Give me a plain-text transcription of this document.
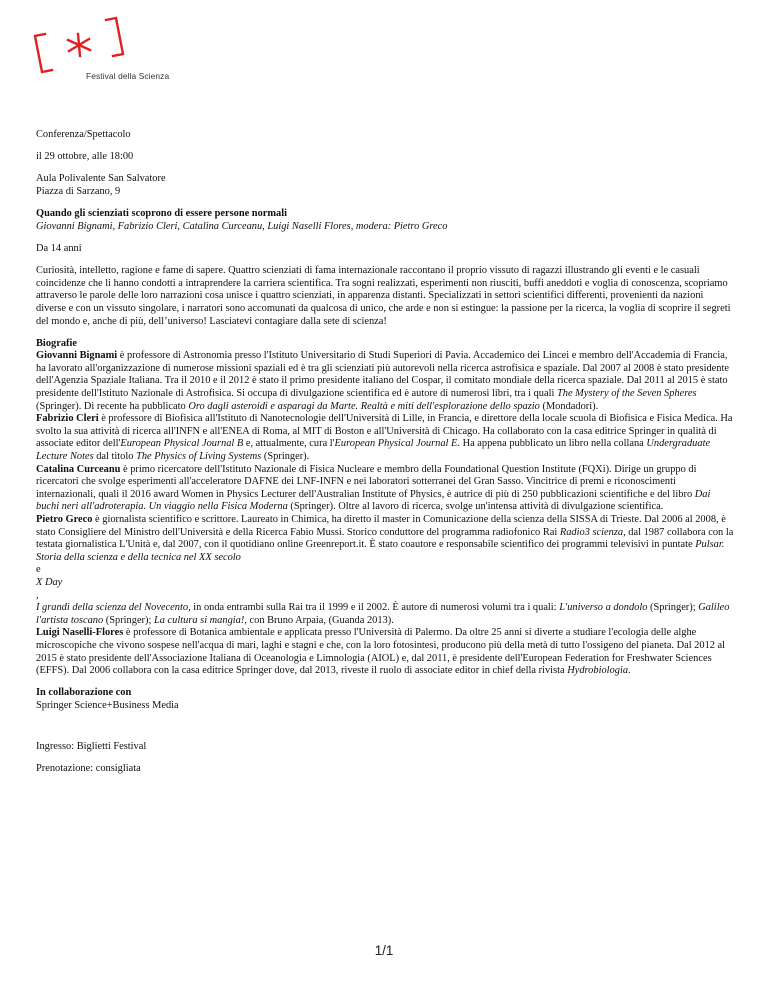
Festival della Scienza

Conferenza/Spettacolo

il 29 ottobre, alle 18:00

Aula Polivalente San Salvatore

Piazza di Sarzano, 9

Quando gli scienziati scoprono di essere persone normali

Giovanni Bignami, Fabrizio Cleri, Catalina Curceanu, Luigi Naselli Flores, modera: Pietro Greco

Da 14 anni

Curiosità, intelletto, ragione e fame di sapere. Quattro scienziati di fama internazionale raccontano il proprio vissuto di ragazzi illustrando gli eventi e le casuali coincidenze che li hanno condotti a intraprendere la carriera scientifica. Tra sogni realizzati, esperimenti non riusciti, buffi aneddoti e voglia di conoscenza, scopriamo attraverso le parole delle loro narrazioni cosa unisce i quattro scienziati, in apparenza distanti. Specializzati in settori scientifici differenti, provenienti da nazioni diverse e con un vissuto singolare, i narratori sono accomunati da qualcosa di unico, che arde e non si estingue: la passione per la ricerca, la voglia di scoprire il segreti del mondo e, anche di più, dell’universo! Lasciatevi contagiare dalla sete di scienza!

Biografie

Giovanni Bignami è professore di Astronomia presso l'Istituto Universitario di Studi Superiori di Pavia. Accademico dei Lincei e membro dell'Accademia di Francia, ha lavorato all'organizzazione di numerose missioni spaziali ed è tra gli scienziati più autorevoli nella ricerca astrofisica e spaziale. Dal 2007 al 2008 è stato presidente dell'Agenzia Spaziale Italiana. Tra il 2010 e il 2012 è stato il primo presidente italiano del Cospar, il comitato mondiale della ricerca spaziale. Dal 2011 al 2015 è stato presidente dell'Istituto Nazionale di Astrofisica. Si occupa di divulgazione scientifica ed è autore di numerosi libri, tra i quali The Mystery of the Seven Spheres (Springer). Di recente ha pubblicato Oro dagli asteroidi e asparagi da Marte. Realtà e miti dell'esplorazione dello spazio (Mondadori).

Fabrizio Cleri è professore di Biofisica all'Istituto di Nanotecnologie dell'Università di Lille, in Francia, e direttore della locale scuola di Biofisica e Fisica Medica. Ha svolto la sua attività di ricerca all'INFN e all'ENEA di Roma, al MIT di Boston e all'Università di Chicago. Ha collaborato con la casa editrice Springer in qualità di associate editor dell'European Physical Journal B e, attualmente, cura l'European Physical Journal E. Ha appena pubblicato un libro nella collana Undergraduate Lecture Notes dal titolo The Physics of Living Systems (Springer).

Catalina Curceanu è primo ricercatore dell'Istituto Nazionale di Fisica Nucleare e membro della Foundational Question Institute (FQXi). Dirige un gruppo di ricercatori che svolge esperimenti all'acceleratore DAFNE dei LNF-INFN e nei laboratori sotterranei del Gran Sasso. Vincitrice di premi e riconoscimenti internazionali, quali il 2016 award Women in Physics Lecturer dell'Australian Institute of Physics, è autrice di più di 250 pubblicazioni scientifiche e del libro Dai buchi neri all'adroterapia. Un viaggio nella Fisica Moderna (Springer). Oltre al lavoro di ricerca, svolge un'intensa attività di divulgazione scientifica.

Pietro Greco è giornalista scientifico e scrittore. Laureato in Chimica, ha diretto il master in Comunicazione della scienza della SISSA di Trieste. Dal 2006 al 2008, è stato Consigliere del Ministro dell'Università e della Ricerca Fabio Mussi. Storico conduttore del programma radiofonico Rai Radio3 scienza, dal 1987 collabora con la testata giornalistica L'Unità e, dal 2007, con il quotidiano online Greenreport.it. È stato coautore e responsabile scientifico dei programmi televisivi in puntate Pulsar. Storia della scienza e della tecnica nel XX secolo

e

X Day

,

I grandi della scienza del Novecento, in onda entrambi sulla Rai tra il 1999 e il 2002. È autore di numerosi volumi tra i quali: L'universo a dondolo (Springer); Galileo l'artista toscano (Springer); La cultura si mangia!, con Bruno Arpaia, (Guanda 2013).

Luigi Naselli-Flores è professore di Botanica ambientale e applicata presso l'Università di Palermo. Da oltre 25 anni si diverte a studiare l'ecologia delle alghe microscopiche che vivono sospese nell'acqua di mari, laghi e stagni e che, con la loro fotosintesi, producono più della metà di tutto l'ossigeno del pianeta. Dal 2012 al 2015 è stato presidente dell'Associazione Italiana di Oceanologia e Limnologia (AIOL) e, dal 2011, è presidente dell'European Federation for Freshwater Sciences (EFFS). Dal 2006 collabora con la casa editrice Springer dove, dal 2013, riveste il ruolo di associate editor in chief della rivista Hydrobiologia.

In collaborazione con

Springer Science+Business Media

Ingresso: Biglietti Festival

Prenotazione: consigliata

1/1
